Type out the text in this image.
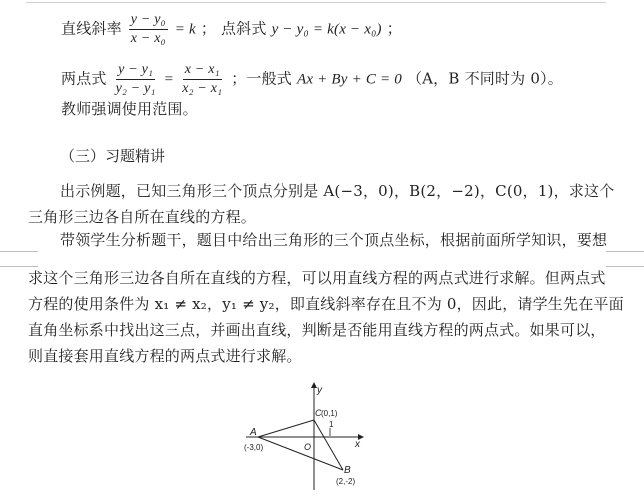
直线斜率 $\frac{\text{y − y₀}}{\text{x − x₀}} = k$ ； 点斜式 y − y₀ = k(x − x₀) ；
两点式 $\frac{\text{y − y₁}}{\text{y₂ − y₁}} = \frac{\text{x − x₁}}{\text{x₂ − x₁}}$ ；一般式 Ax + By + C = 0 （A，B 不同时为 0）。
教师强调使用范围。
（三）习题精讲
出示例题，已知三角形三个顶点分别是 A(−3，0)，B(2，−2)，C(0，1)，求这个
三角形三边各自所在直线的方程。
带领学生分析题干，题目中给出三角形的三个顶点坐标，根据前面所学知识，要想
求这个三角形三边各自所在直线的方程，可以用直线方程的两点式进行求解。但两点式
方程的使用条件为 x₁ ≠ x₂，y₁ ≠ y₂，即直线斜率存在且不为 0，因此，请学生先在平面
直角坐标系中找出这三点，并画出直线，判断是否能用直线方程的两点式。如果可以，
则直接套用直线方程的两点式进行求解。
y
x
O
A
(-3,0)
C (0,1)
1
B
(2,-2)
